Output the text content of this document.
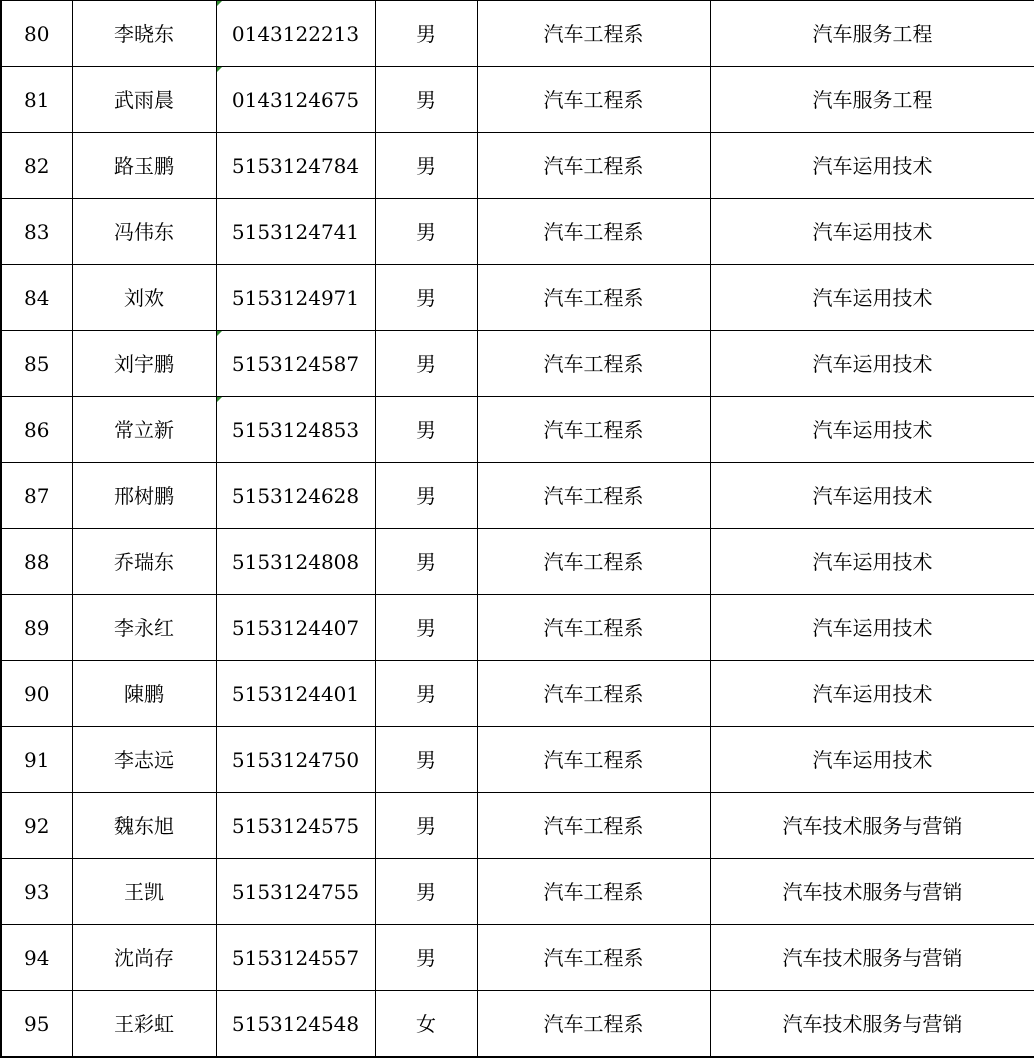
80	李晓东	0143122213	男	汽车工程系	汽车服务工程
81	武雨晨	0143124675	男	汽车工程系	汽车服务工程
82	路玉鹏	5153124784	男	汽车工程系	汽车运用技术
83	冯伟东	5153124741	男	汽车工程系	汽车运用技术
84	刘欢	5153124971	男	汽车工程系	汽车运用技术
85	刘宇鹏	5153124587	男	汽车工程系	汽车运用技术
86	常立新	5153124853	男	汽车工程系	汽车运用技术
87	邢树鹏	5153124628	男	汽车工程系	汽车运用技术
88	乔瑞东	5153124808	男	汽车工程系	汽车运用技术
89	李永红	5153124407	男	汽车工程系	汽车运用技术
90	陳鹏	5153124401	男	汽车工程系	汽车运用技术
91	李志远	5153124750	男	汽车工程系	汽车运用技术
92	魏东旭	5153124575	男	汽车工程系	汽车技术服务与营销
93	王凯	5153124755	男	汽车工程系	汽车技术服务与营销
94	沈尚存	5153124557	男	汽车工程系	汽车技术服务与营销
95	王彩虹	5153124548	女	汽车工程系	汽车技术服务与营销
